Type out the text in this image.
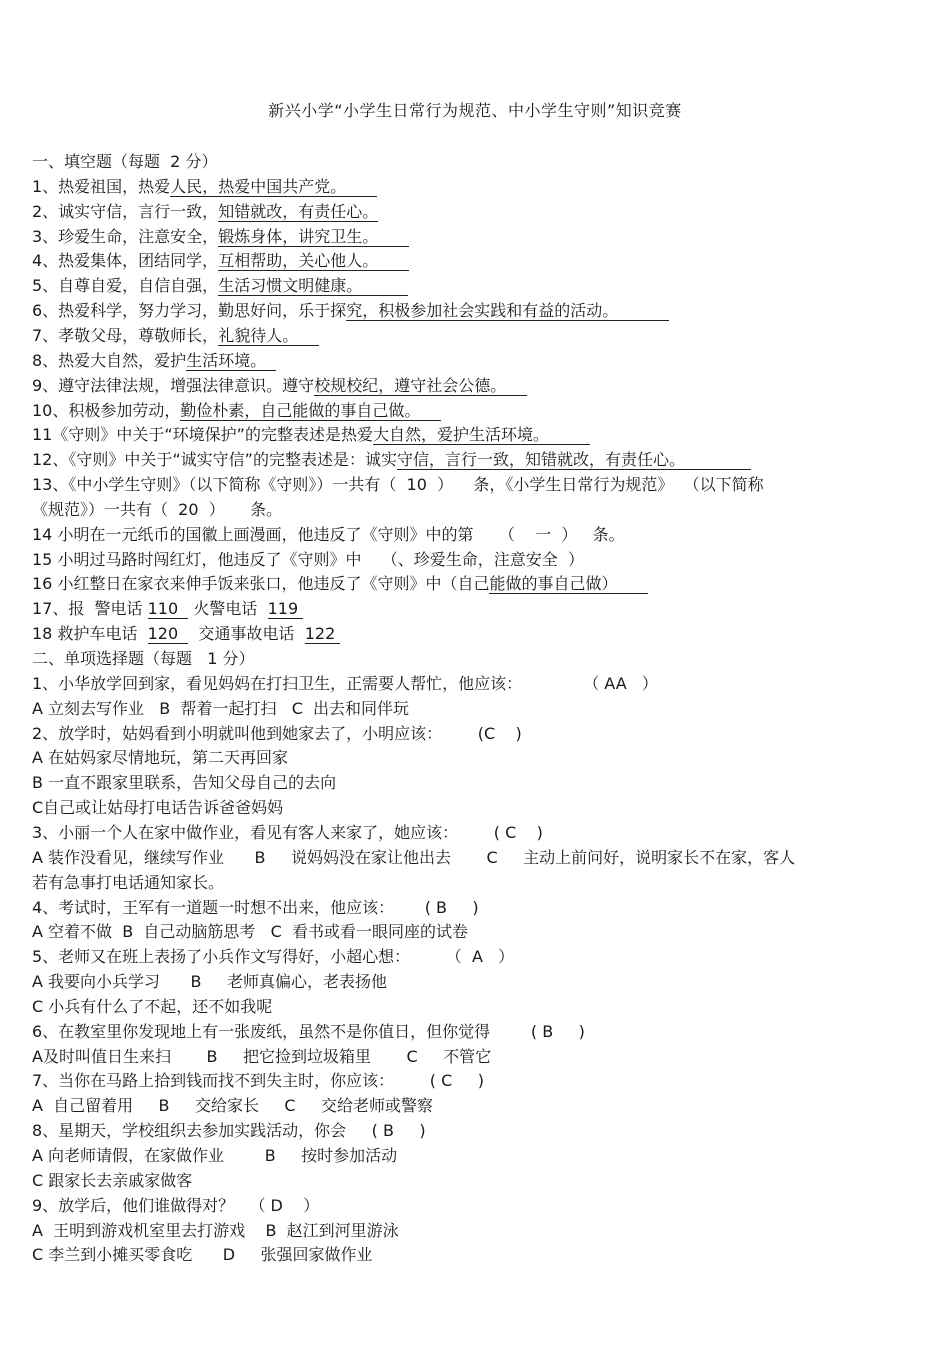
新兴小学“小学生日常行为规范、中小学生守则”知识竞赛
一、填空题（每题  2 分）
1、热爱祖国，热爱人民，热爱中国共产党。
2、诚实守信，言行一致，知错就改，有责任心。
3、珍爱生命，注意安全，锻炼身体，讲究卫生。
4、热爱集体，团结同学，互相帮助，关心他人。
5、自尊自爱，自信自强，生活习惯文明健康。
6、热爱科学，努力学习，勤思好问，乐于探究，积极参加社会实践和有益的活动。
7、孝敬父母，尊敬师长，礼貌待人。
8、热爱大自然，爱护生活环境。
9、遵守法律法规，增强法律意识。遵守校规校纪，遵守社会公德。
10、积极参加劳动，勤俭朴素，自己能做的事自己做。
11《守则》中关于“环境保护”的完整表述是热爱大自然，爱护生活环境。
12、《守则》中关于“诚实守信”的完整表述是：诚实守信，言行一致，知错就改，有责任心。
13、《中小学生守则》（以下简称《守则》）一共有（  10  ）    条，《小学生日常行为规范》  （以下简称
《规范》）一共有（  20  ）     条。
14 小明在一元纸币的国徽上画漫画，他违反了《守则》中的第     （    一  ）   条。
15 小明过马路时闯红灯，他违反了《守则》中    （、珍爱生命，注意安全  ）
16 小红整日在家衣来伸手饭来张口，他违反了《守则》中（自己能做的事自己做）
17、报  警电话 110   火警电话  119
18 救护车电话  120    交通事故电话  122
二、单项选择题（每题   1 分）
1、小华放学回到家，看见妈妈在打扫卫生，正需要人帮忙，他应该：            （ AA   ）
A 立刻去写作业   B  帮着一起打扫   C  出去和同伴玩
2、放学时，姑妈看到小明就叫他到她家去了，小明应该：       (C    )
A 在姑妈家尽情地玩，第二天再回家
B 一直不跟家里联系，告知父母自己的去向
C自己或让姑母打电话告诉爸爸妈妈
3、小丽一个人在家中做作业，看见有客人来家了，她应该：       ( C    )
A 装作没看见，继续写作业      B     说妈妈没在家让他出去       C     主动上前问好，说明家长不在家，客人
若有急事打电话通知家长。
4、考试时，王军有一道题一时想不出来，他应该：      ( B     )
A 空着不做  B  自己动脑筋思考   C  看书或看一眼同座的试卷
5、老师又在班上表扬了小兵作文写得好，小超心想：       （  A   ）
A 我要向小兵学习      B     老师真偏心，老表扬他
C 小兵有什么了不起，还不如我呢
6、在教室里你发现地上有一张废纸，虽然不是你值日，但你觉得        ( B     )
A及时叫值日生来扫       B     把它捡到垃圾箱里       C     不管它
7、当你在马路上拾到钱而找不到失主时，你应该：       ( C     )
A  自己留着用     B     交给家长     C     交给老师或警察
8、星期天，学校组织去参加实践活动，你会     ( B     )
A 向老师请假，在家做作业        B     按时参加活动
C 跟家长去亲戚家做客
9、放学后，他们谁做得对？   （ D    ）
A  王明到游戏机室里去打游戏    B  赵江到河里游泳
C 李兰到小摊买零食吃      D     张强回家做作业
